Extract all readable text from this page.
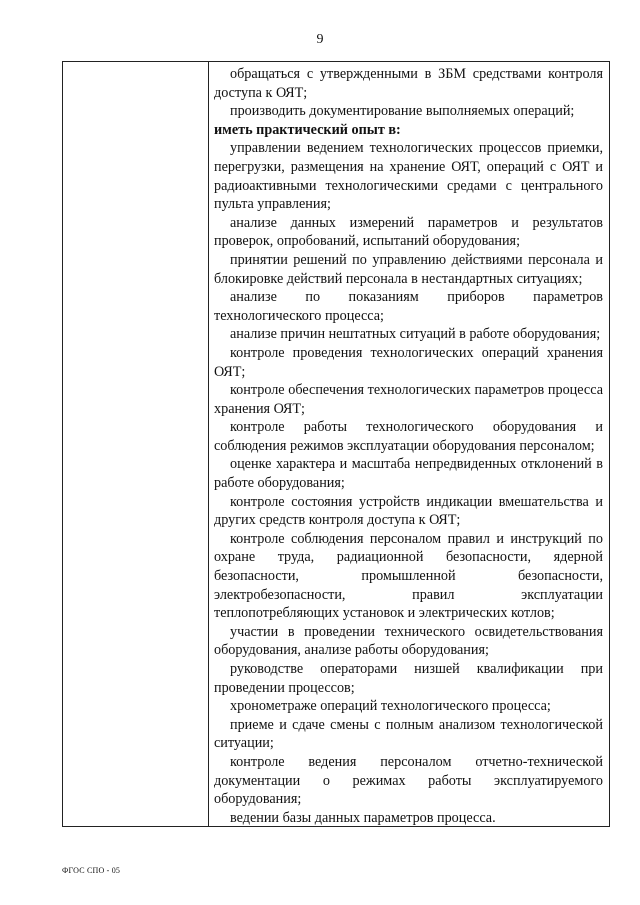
9

обращаться с утвержденными в ЗБМ средствами контроля доступа к ОЯТ;

производить документирование выполняемых операций;

иметь практический опыт в:

управлении ведением технологических процессов приемки, перегрузки, размещения на хранение ОЯТ, операций с ОЯТ и радиоактивными технологическими средами с центрального пульта управления;

анализе данных измерений параметров и результатов проверок, опробований, испытаний оборудования;

принятии решений по управлению действиями персонала и блокировке действий персонала в нестандартных ситуациях;

анализе по показаниям приборов параметров технологического процесса;

анализе причин нештатных ситуаций в работе оборудования;

контроле проведения технологических операций хранения ОЯТ;

контроле обеспечения технологических параметров процесса хранения ОЯТ;

контроле работы технологического оборудования и соблюдения режимов эксплуатации оборудования персоналом;

оценке характера и масштаба непредвиденных отклонений в работе оборудования;

контроле состояния устройств индикации вмешательства и других средств контроля доступа к ОЯТ;

контроле соблюдения персоналом правил и инструкций по охране труда, радиационной безопасности, ядерной безопасности, промышленной безопасности, электробезопасности, правил эксплуатации теплопотребляющих установок и электрических котлов;

участии в проведении технического освидетельствования оборудования, анализе работы оборудования;

руководстве операторами низшей квалификации при проведении процессов;

хронометраже операций технологического процесса;

приеме и сдаче смены с полным анализом технологической ситуации;

контроле ведения персоналом отчетно-технической документации о режимах работы эксплуатируемого оборудования;

ведении базы данных параметров процесса.

ФГОС СПО - 05
